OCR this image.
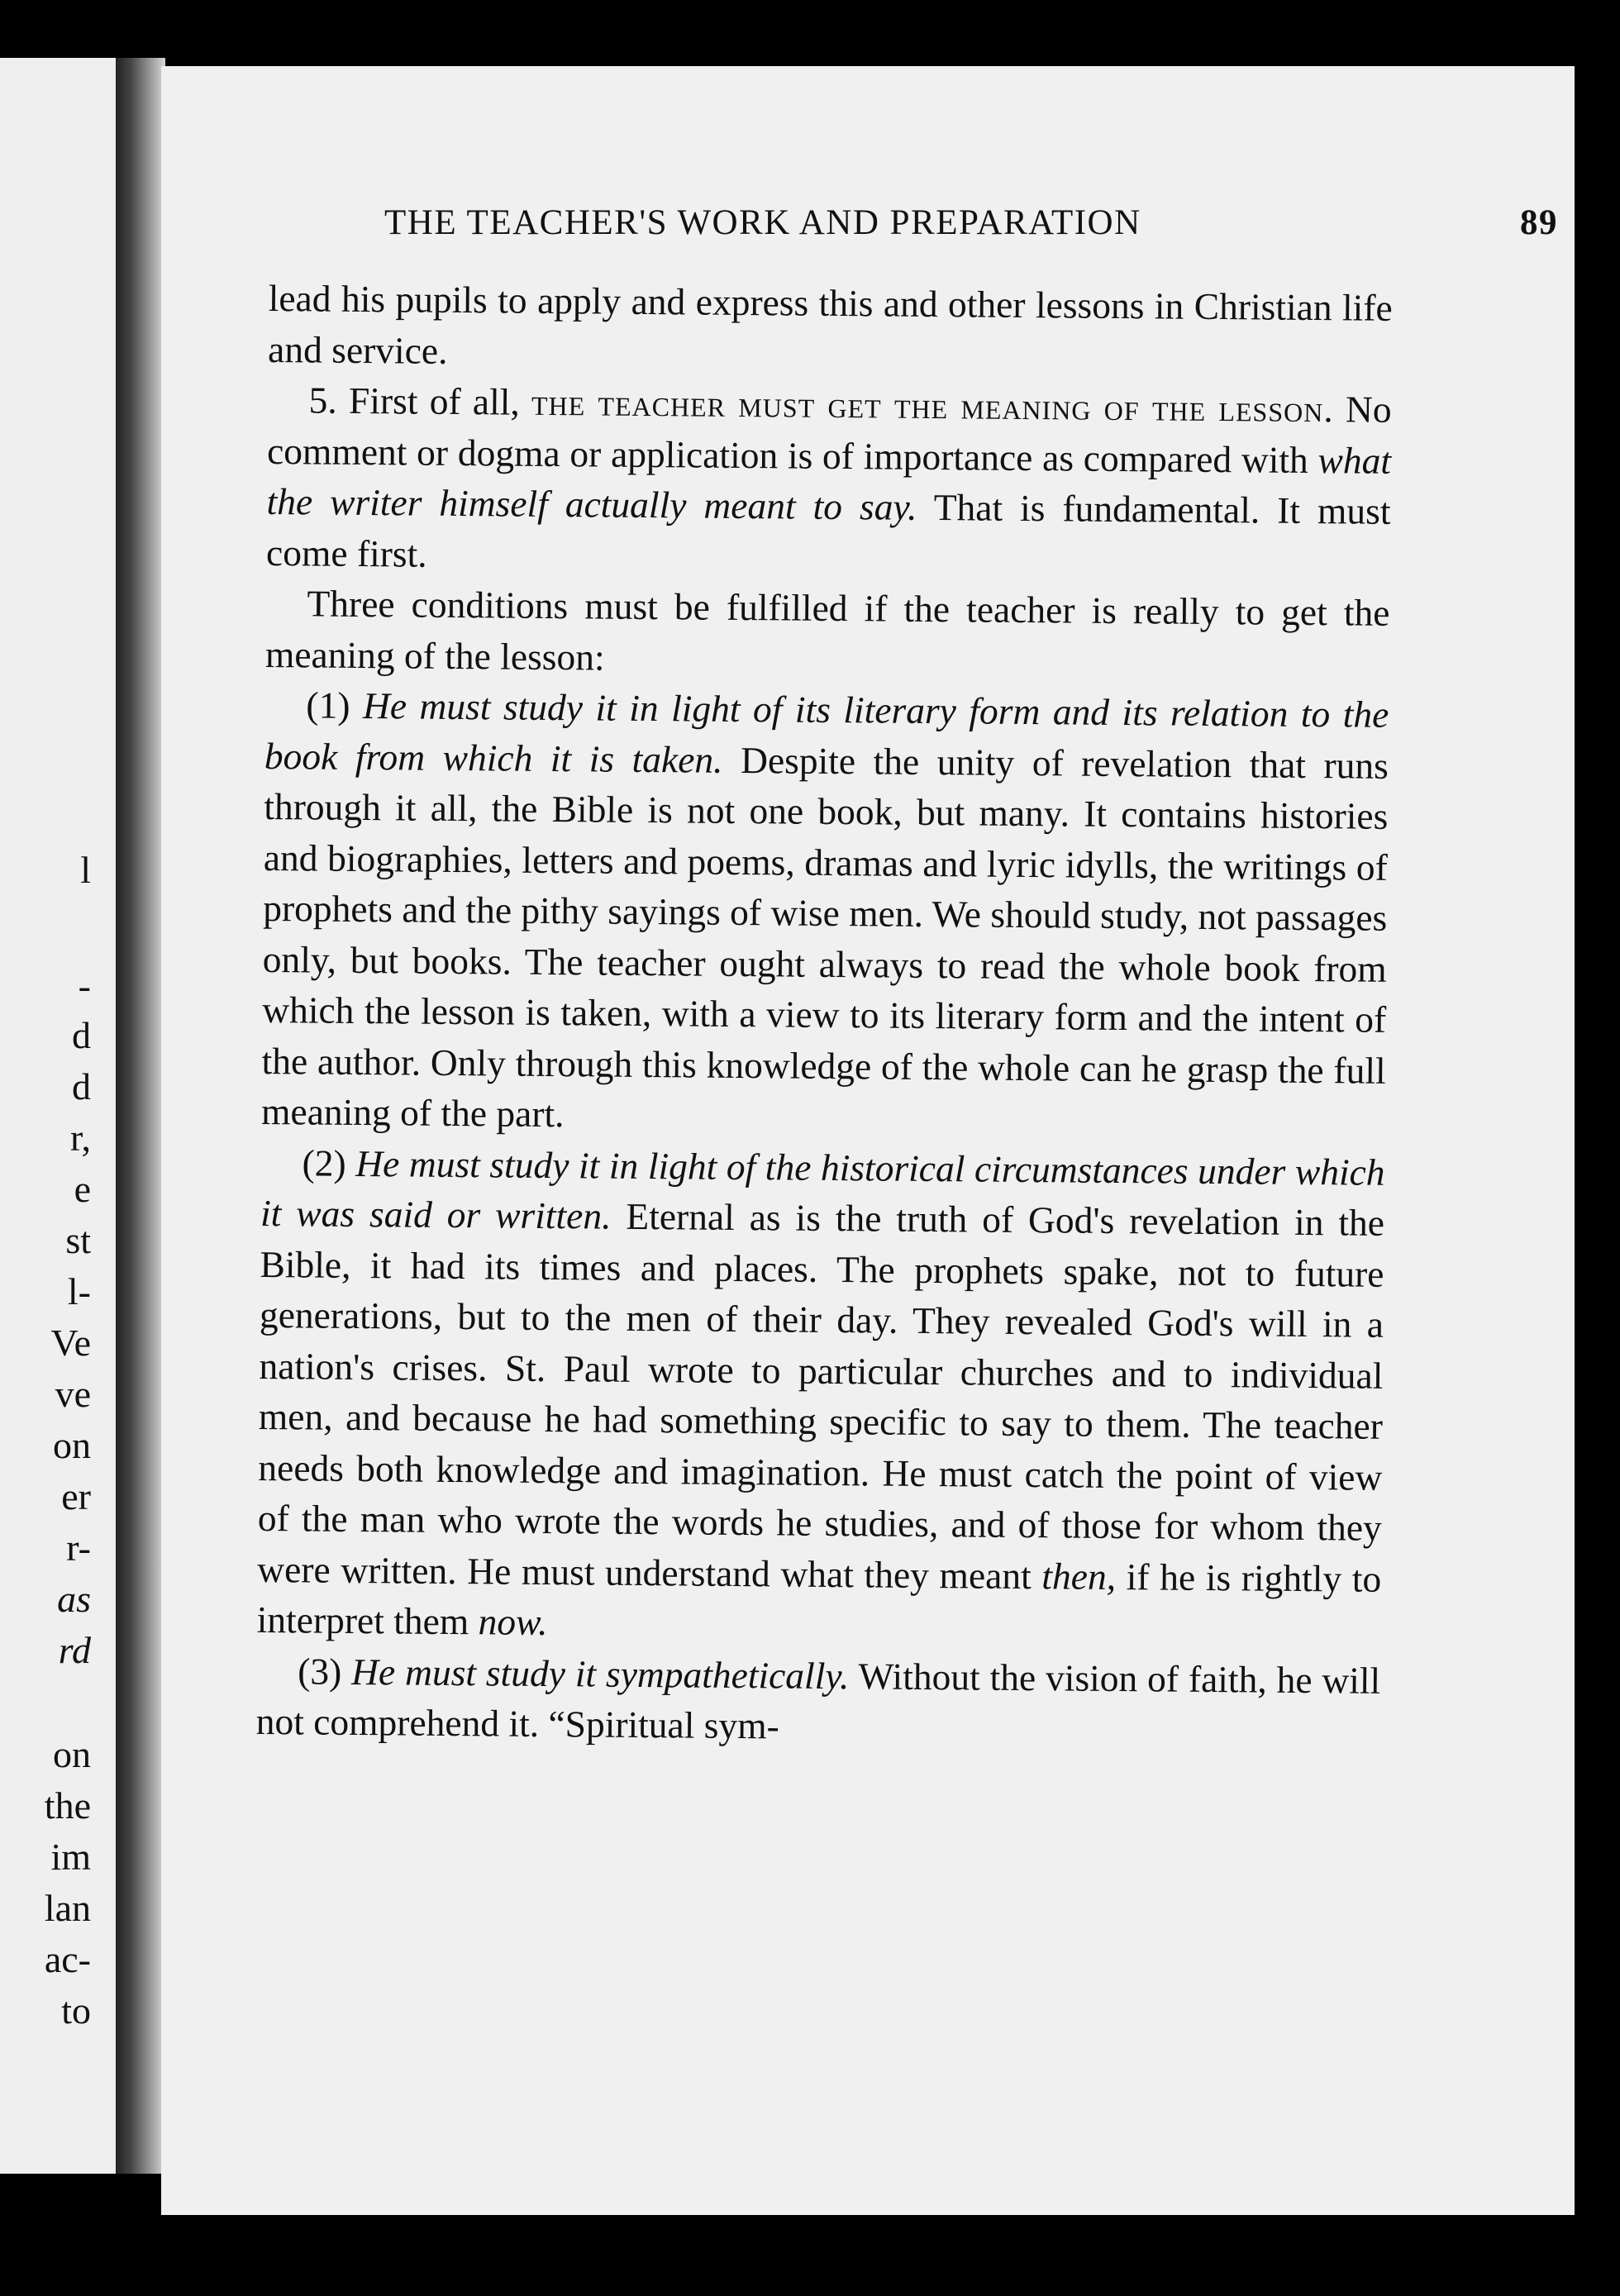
l
-
d
d
r,
e
st
l-
Ve
ve
on
er
r-
as
rd
on
the
im
lan
ac-
to
THE TEACHER'S WORK AND PREPARATION	89

lead his pupils to apply and express this and other lessons in Christian life and service.

5. First of all, the teacher must get the meaning of the lesson. No comment or dogma or application is of importance as compared with what the writer himself actually meant to say. That is fundamental. It must come first.

Three conditions must be fulfilled if the teacher is really to get the meaning of the lesson:

(1) He must study it in light of its literary form and its relation to the book from which it is taken. Despite the unity of revelation that runs through it all, the Bible is not one book, but many. It contains histories and biographies, letters and poems, dramas and lyric idylls, the writings of prophets and the pithy sayings of wise men. We should study, not passages only, but books. The teacher ought always to read the whole book from which the lesson is taken, with a view to its literary form and the intent of the author. Only through this knowledge of the whole can he grasp the full meaning of the part.

(2) He must study it in light of the historical circumstances under which it was said or written. Eternal as is the truth of God's revelation in the Bible, it had its times and places. The prophets spake, not to future generations, but to the men of their day. They revealed God's will in a nation's crises. St. Paul wrote to particular churches and to individual men, and because he had something specific to say to them. The teacher needs both knowledge and imagination. He must catch the point of view of the man who wrote the words he studies, and of those for whom they were written. He must understand what they meant then, if he is rightly to interpret them now.

(3) He must study it sympathetically. Without the vision of faith, he will not comprehend it. “Spiritual sym-
